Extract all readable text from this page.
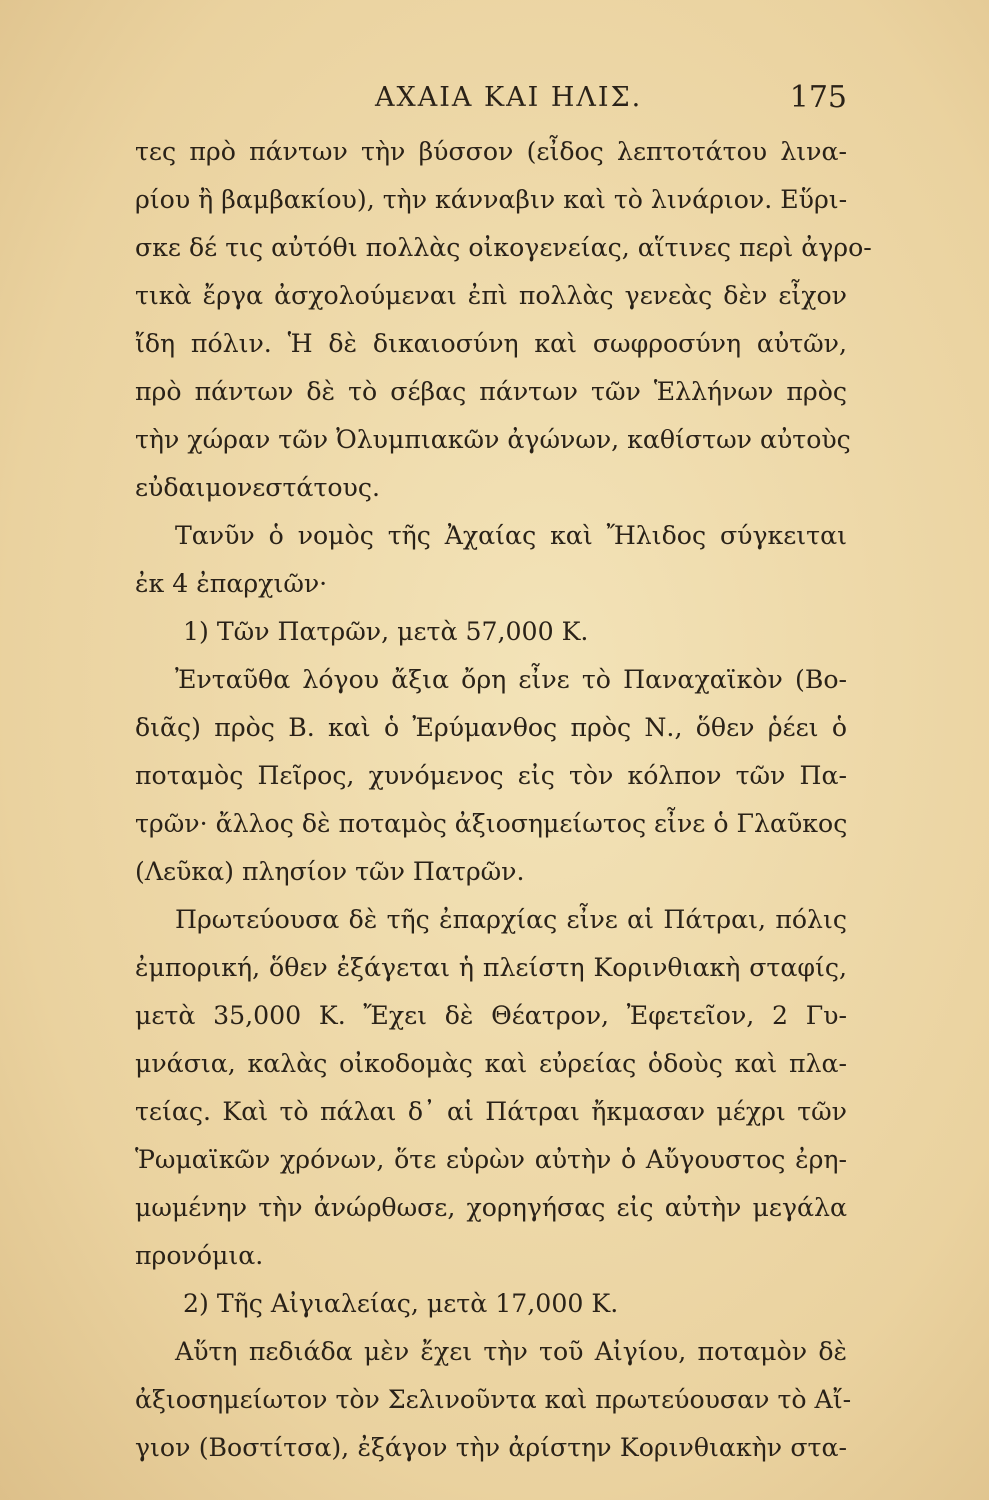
ΑΧΑΙΑ ΚΑΙ ΗΛΙΣ.	175
τες πρὸ πάντων τὴν βύσσον (εἶδος λεπτοτάτου λινα-
ρίου ἢ βαμβακίου), τὴν κάνναβιν καὶ τὸ λινάριον. Εὕρι-
σκε δέ τις αὐτόθι πολλὰς οἰκογενείας, αἵτινες περὶ ἀγρο-
τικὰ ἔργα ἀσχολούμεναι ἐπὶ πολλὰς γενεὰς δὲν εἶχον
ἴδη πόλιν. Ἡ δὲ δικαιοσύνη καὶ σωφροσύνη αὐτῶν,
πρὸ πάντων δὲ τὸ σέβας πάντων τῶν Ἑλλήνων πρὸς
τὴν χώραν τῶν Ὀλυμπιακῶν ἀγώνων, καθίστων αὐτοὺς
εὐδαιμονεστάτους.
Τανῦν ὁ νομὸς τῆς Ἀχαίας καὶ Ἤλιδος σύγκειται
ἐκ 4 ἐπαρχιῶν·
1) Τῶν Πατρῶν, μετὰ 57,000 Κ.
Ἐνταῦθα λόγου ἄξια ὄρη εἶνε τὸ Παναχαϊκὸν (Βο-
διᾶς) πρὸς Β. καὶ ὁ Ἐρύμανθος πρὸς Ν., ὅθεν ῥέει ὁ
ποταμὸς Πεῖρος, χυνόμενος εἰς τὸν κόλπον τῶν Πα-
τρῶν· ἄλλος δὲ ποταμὸς ἀξιοσημείωτος εἶνε ὁ Γλαῦκος
(Λεῦκα) πλησίον τῶν Πατρῶν.
Πρωτεύουσα δὲ τῆς ἐπαρχίας εἶνε αἱ Πάτραι, πόλις
ἐμπορική, ὅθεν ἐξάγεται ἡ πλείστη Κορινθιακὴ σταφίς,
μετὰ 35,000 Κ. Ἔχει δὲ Θέατρον, Ἐφετεῖον, 2 Γυ-
μνάσια, καλὰς οἰκοδομὰς καὶ εὐρείας ὁδοὺς καὶ πλα-
τείας. Καὶ τὸ πάλαι δ᾽ αἱ Πάτραι ἤκμασαν μέχρι τῶν
Ῥωμαϊκῶν χρόνων, ὅτε εὑρὼν αὐτὴν ὁ Αὔγουστος ἐρη-
μωμένην τὴν ἀνώρθωσε, χορηγήσας εἰς αὐτὴν μεγάλα
προνόμια.
2) Τῆς Αἰγιαλείας, μετὰ 17,000 Κ.
Αὕτη πεδιάδα μὲν ἔχει τὴν τοῦ Αἰγίου, ποταμὸν δὲ
ἀξιοσημείωτον τὸν Σελινοῦντα καὶ πρωτεύουσαν τὸ Αἴ-
γιον (Βοστίτσα), ἐξάγον τὴν ἀρίστην Κορινθιακὴν στα-
